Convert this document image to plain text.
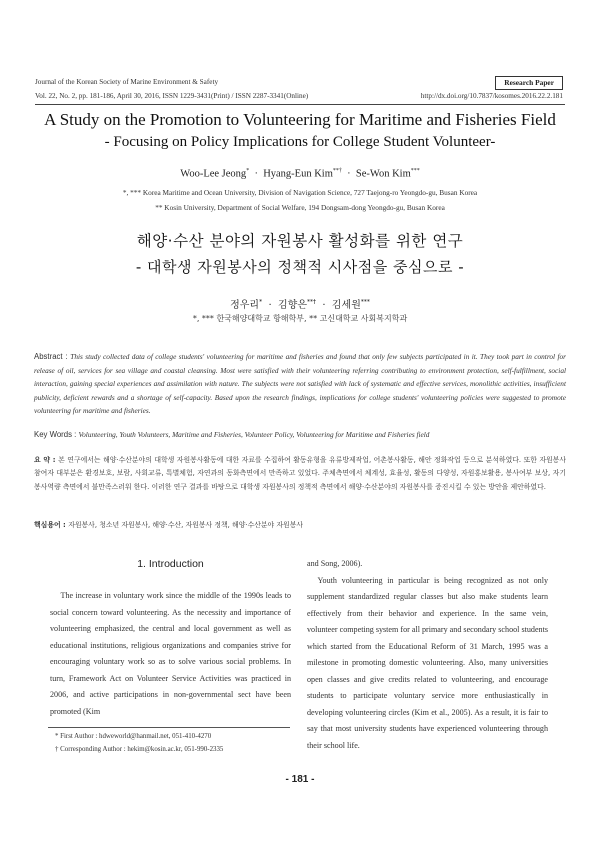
Journal of the Korean Society of Marine Environment & Safety	Research Paper
Vol. 22, No. 2, pp. 181-186, April 30, 2016, ISSN 1229-3431(Print) / ISSN 2287-3341(Online)	http://dx.doi.org/10.7837/kosomes.2016.22.2.181
A Study on the Promotion to Volunteering for Maritime and Fisheries Field
- Focusing on Policy Implications for College Student Volunteer-
Woo-Lee Jeong* · Hyang-Eun Kim**† · Se-Won Kim***
*, *** Korea Maritime and Ocean University, Division of Navigation Science, 727 Taejong-ro Yeongdo-gu, Busan Korea
** Kosin University, Department of Social Welfare, 194 Dongsam-dong Yeongdo-gu, Busan Korea
해양·수산 분야의 자원봉사 활성화를 위한 연구
- 대학생 자원봉사의 정책적 시사점을 중심으로 -
정우리* · 김향은**† · 김세원***
*, *** 한국해양대학교 항해학부, ** 고신대학교 사회복지학과
Abstract : This study collected data of college students' volunteering for maritime and fisheries and found that only few subjects participated in it. They took part in control for release of oil, services for sea village and coastal cleansing. Most were satisfied with their volunteering referring contributing to environment protection, self-fulfillment, social interaction, gaining special experiences and assimilation with nature. The subjects were not satisfied with lack of systematic and effective services, monolithic activities, insufficient publicity, deficient rewards and a shortage of self-capacity. Based upon the research findings, implications for college students' volunteering policies were suggested to promote volunteering for maritime and fisheries.
Key Words : Volunteering, Youth Volunteers, Maritime and Fisheries, Volunteer Policy, Volunteering for Maritime and Fisheries field
요 약 : 본 연구에서는 해양·수산분야의 대학생 자원봉사활동에 대한 자료를 수집하여 활동유형을 유류방제작업, 어촌봉사활동, 해안 정화작업 등으로 분석하였다. 또한 자원봉사 참여자 대부분은 환경보호, 보람, 사회교류, 특별체험, 자연과의 동화측면에서 만족하고 있었다. 주체측면에서 체계성, 효율성, 활동의 다양성, 자원홍보활용, 봉사여부 보상, 자기봉사역량 측면에서 불만족스러워 한다. 이러한 연구 결과를 바탕으로 대학생 자원봉사의 정책적 측면에서 해양·수산분야의 자원봉사를 증진시킬 수 있는 방안을 제안하였다.
핵심용어 : 자원봉사, 청소년 자원봉사, 해양·수산, 자원봉사 정책, 해양·수산분야 자원봉사
1. Introduction

The increase in voluntary work since the middle of the 1990s leads to social concern toward volunteering. As the necessity and importance of volunteering emphasized, the central and local government as well as educational institutions, religious organizations and companies strive for encouraging voluntary work so as to solve various social problems. In turn, Framework Act on Volunteer Service Activities was practiced in 2006, and active participations in non-governmental sect have been promoted (Kim

and Song, 2006).

Youth volunteering in particular is being recognized as not only supplement standardized regular classes but also make students learn effectively from their behavior and experience. In the same vein, volunteer competing system for all primary and secondary school students which started from the Educational Reform of 31 March, 1995 was a milestone in promoting domestic volunteering. Also, many universities open classes and give credits related to volunteering, and encourage students to participate voluntary service more enthusiastically in developing volunteering circles (Kim et al., 2005). As a result, it is fair to say that most university students have experienced volunteering through their school life.

* First Author : hdweworld@hanmail.net, 051-410-4270
† Corresponding Author : hekim@kosin.ac.kr, 051-990-2335
- 181 -
